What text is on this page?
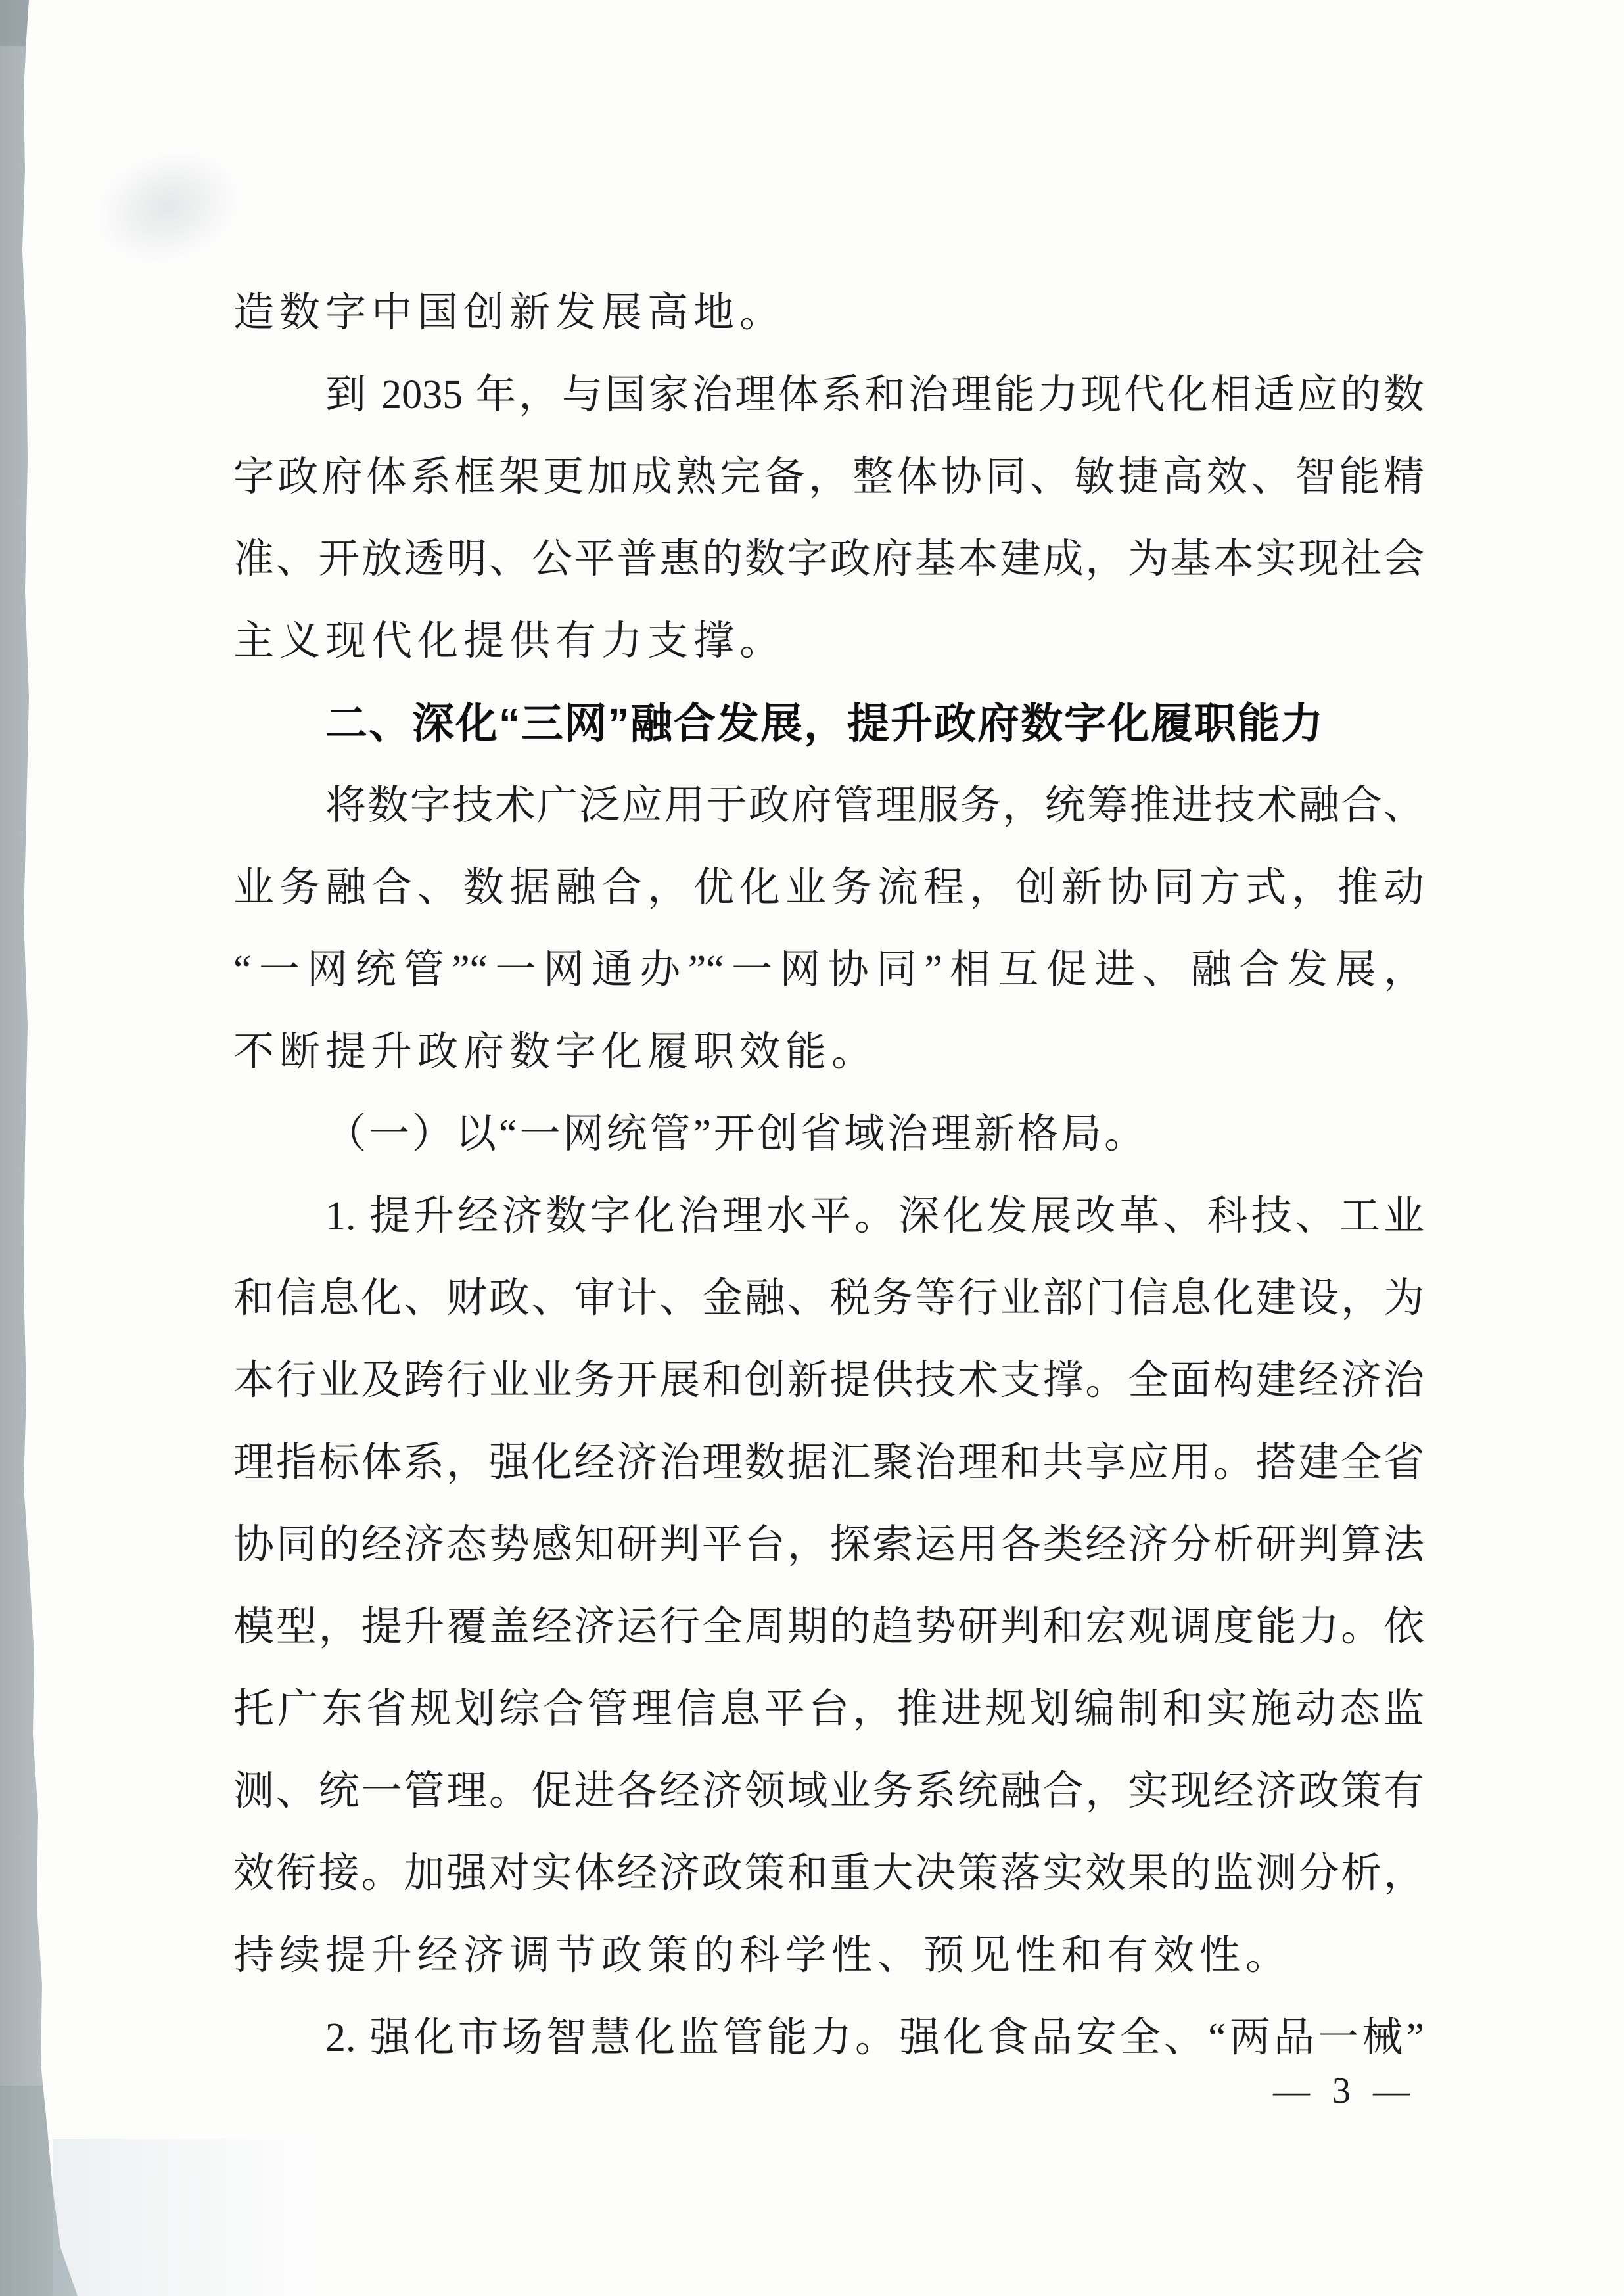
造数字中国创新发展高地。
到 2035 年，与国家治理体系和治理能力现代化相适应的数
字政府体系框架更加成熟完备，整体协同、敏捷高效、智能精
准、开放透明、公平普惠的数字政府基本建成，为基本实现社会
主义现代化提供有力支撑。
二、深化“三网”融合发展，提升政府数字化履职能力
将数字技术广泛应用于政府管理服务，统筹推进技术融合、
业务融合、数据融合，优化业务流程，创新协同方式，推动
“一网统管”“一网通办”“一网协同”相互促进、融合发展，
不断提升政府数字化履职效能。
（一）以“一网统管”开创省域治理新格局。
1. 提升经济数字化治理水平。深化发展改革、科技、工业
和信息化、财政、审计、金融、税务等行业部门信息化建设，为
本行业及跨行业业务开展和创新提供技术支撑。全面构建经济治
理指标体系，强化经济治理数据汇聚治理和共享应用。搭建全省
协同的经济态势感知研判平台，探索运用各类经济分析研判算法
模型，提升覆盖经济运行全周期的趋势研判和宏观调度能力。依
托广东省规划综合管理信息平台，推进规划编制和实施动态监
测、统一管理。促进各经济领域业务系统融合，实现经济政策有
效衔接。加强对实体经济政策和重大决策落实效果的监测分析，
持续提升经济调节政策的科学性、预见性和有效性。
2. 强化市场智慧化监管能力。强化食品安全、“两品一械”
— 3 —
